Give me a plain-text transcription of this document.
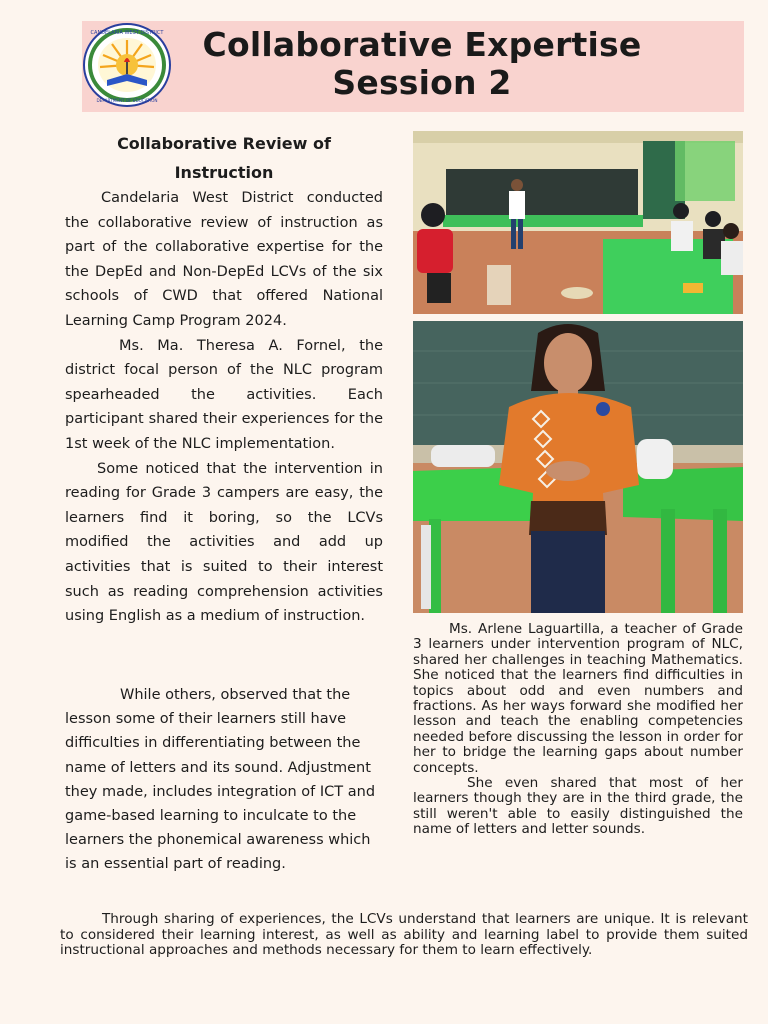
CANDELARIA WEST DISTRICT
DEPARTMENT OF EDUCATION
Collaborative Expertise
Session 2
Collaborative Review of Instruction

Candelaria West District conducted the collaborative review of instruction as part of the collaborative expertise for the the DepEd and Non-DepEd LCVs of the six schools of CWD that offered National Learning Camp Program 2024.

Ms. Ma. Theresa A. Fornel, the district focal person of the NLC program spearheaded the activities. Each participant shared their experiences for the 1st week of the NLC implementation.

Some noticed that the intervention in reading for Grade 3 campers are easy, the learners find it boring, so the LCVs modified the activities and add up activities that is suited to their interest such as reading comprehension activities using English as a medium of instruction.

While others, observed that the lesson some of their learners still have difficulties in differentiating between the name of letters and its sound. Adjustment they made, includes integration of ICT and game-based learning to inculcate to the learners the phonemical awareness which is an essential part of reading.

Ms. Arlene Laguartilla, a teacher of Grade 3 learners under intervention program of NLC, shared her challenges in teaching Mathematics. She noticed that the learners find difficulties in topics about odd and even numbers and fractions. As her ways forward she modified her lesson and teach the enabling competencies needed before discussing the lesson in order for her to bridge the learning gaps about number concepts.

She even shared that most of her learners though they are in the third grade, the still weren't able to easily distinguished the name of letters and letter sounds.

Through sharing of experiences, the LCVs understand that learners are unique. It is relevant to considered their learning interest, as well as ability and learning label to provide them suited instructional approaches and methods necessary for them to learn effectively.
